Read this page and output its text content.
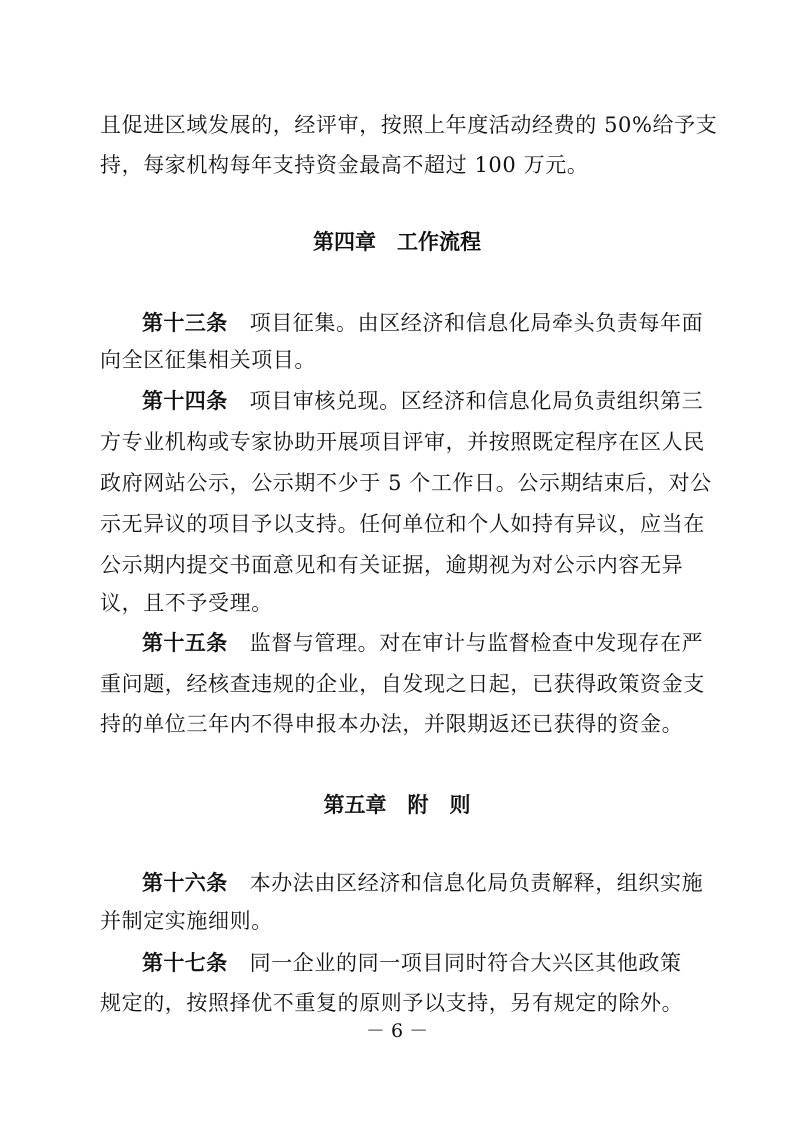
且促进区域发展的，经评审，按照上年度活动经费的 50%给予支
持，每家机构每年支持资金最高不超过 100 万元。
第四章　工作流程
第十三条 项目征集。由区经济和信息化局牵头负责每年面
向全区征集相关项目。
第十四条 项目审核兑现。区经济和信息化局负责组织第三
方专业机构或专家协助开展项目评审，并按照既定程序在区人民
政府网站公示，公示期不少于 5 个工作日。公示期结束后，对公
示无异议的项目予以支持。任何单位和个人如持有异议，应当在
公示期内提交书面意见和有关证据，逾期视为对公示内容无异
议，且不予受理。
第十五条 监督与管理。对在审计与监督检查中发现存在严
重问题，经核查违规的企业，自发现之日起，已获得政策资金支
持的单位三年内不得申报本办法，并限期返还已获得的资金。
第五章　附　则
第十六条 本办法由区经济和信息化局负责解释，组织实施
并制定实施细则。
第十七条 同一企业的同一项目同时符合大兴区其他政策
规定的，按照择优不重复的原则予以支持，另有规定的除外。
－ 6 －
